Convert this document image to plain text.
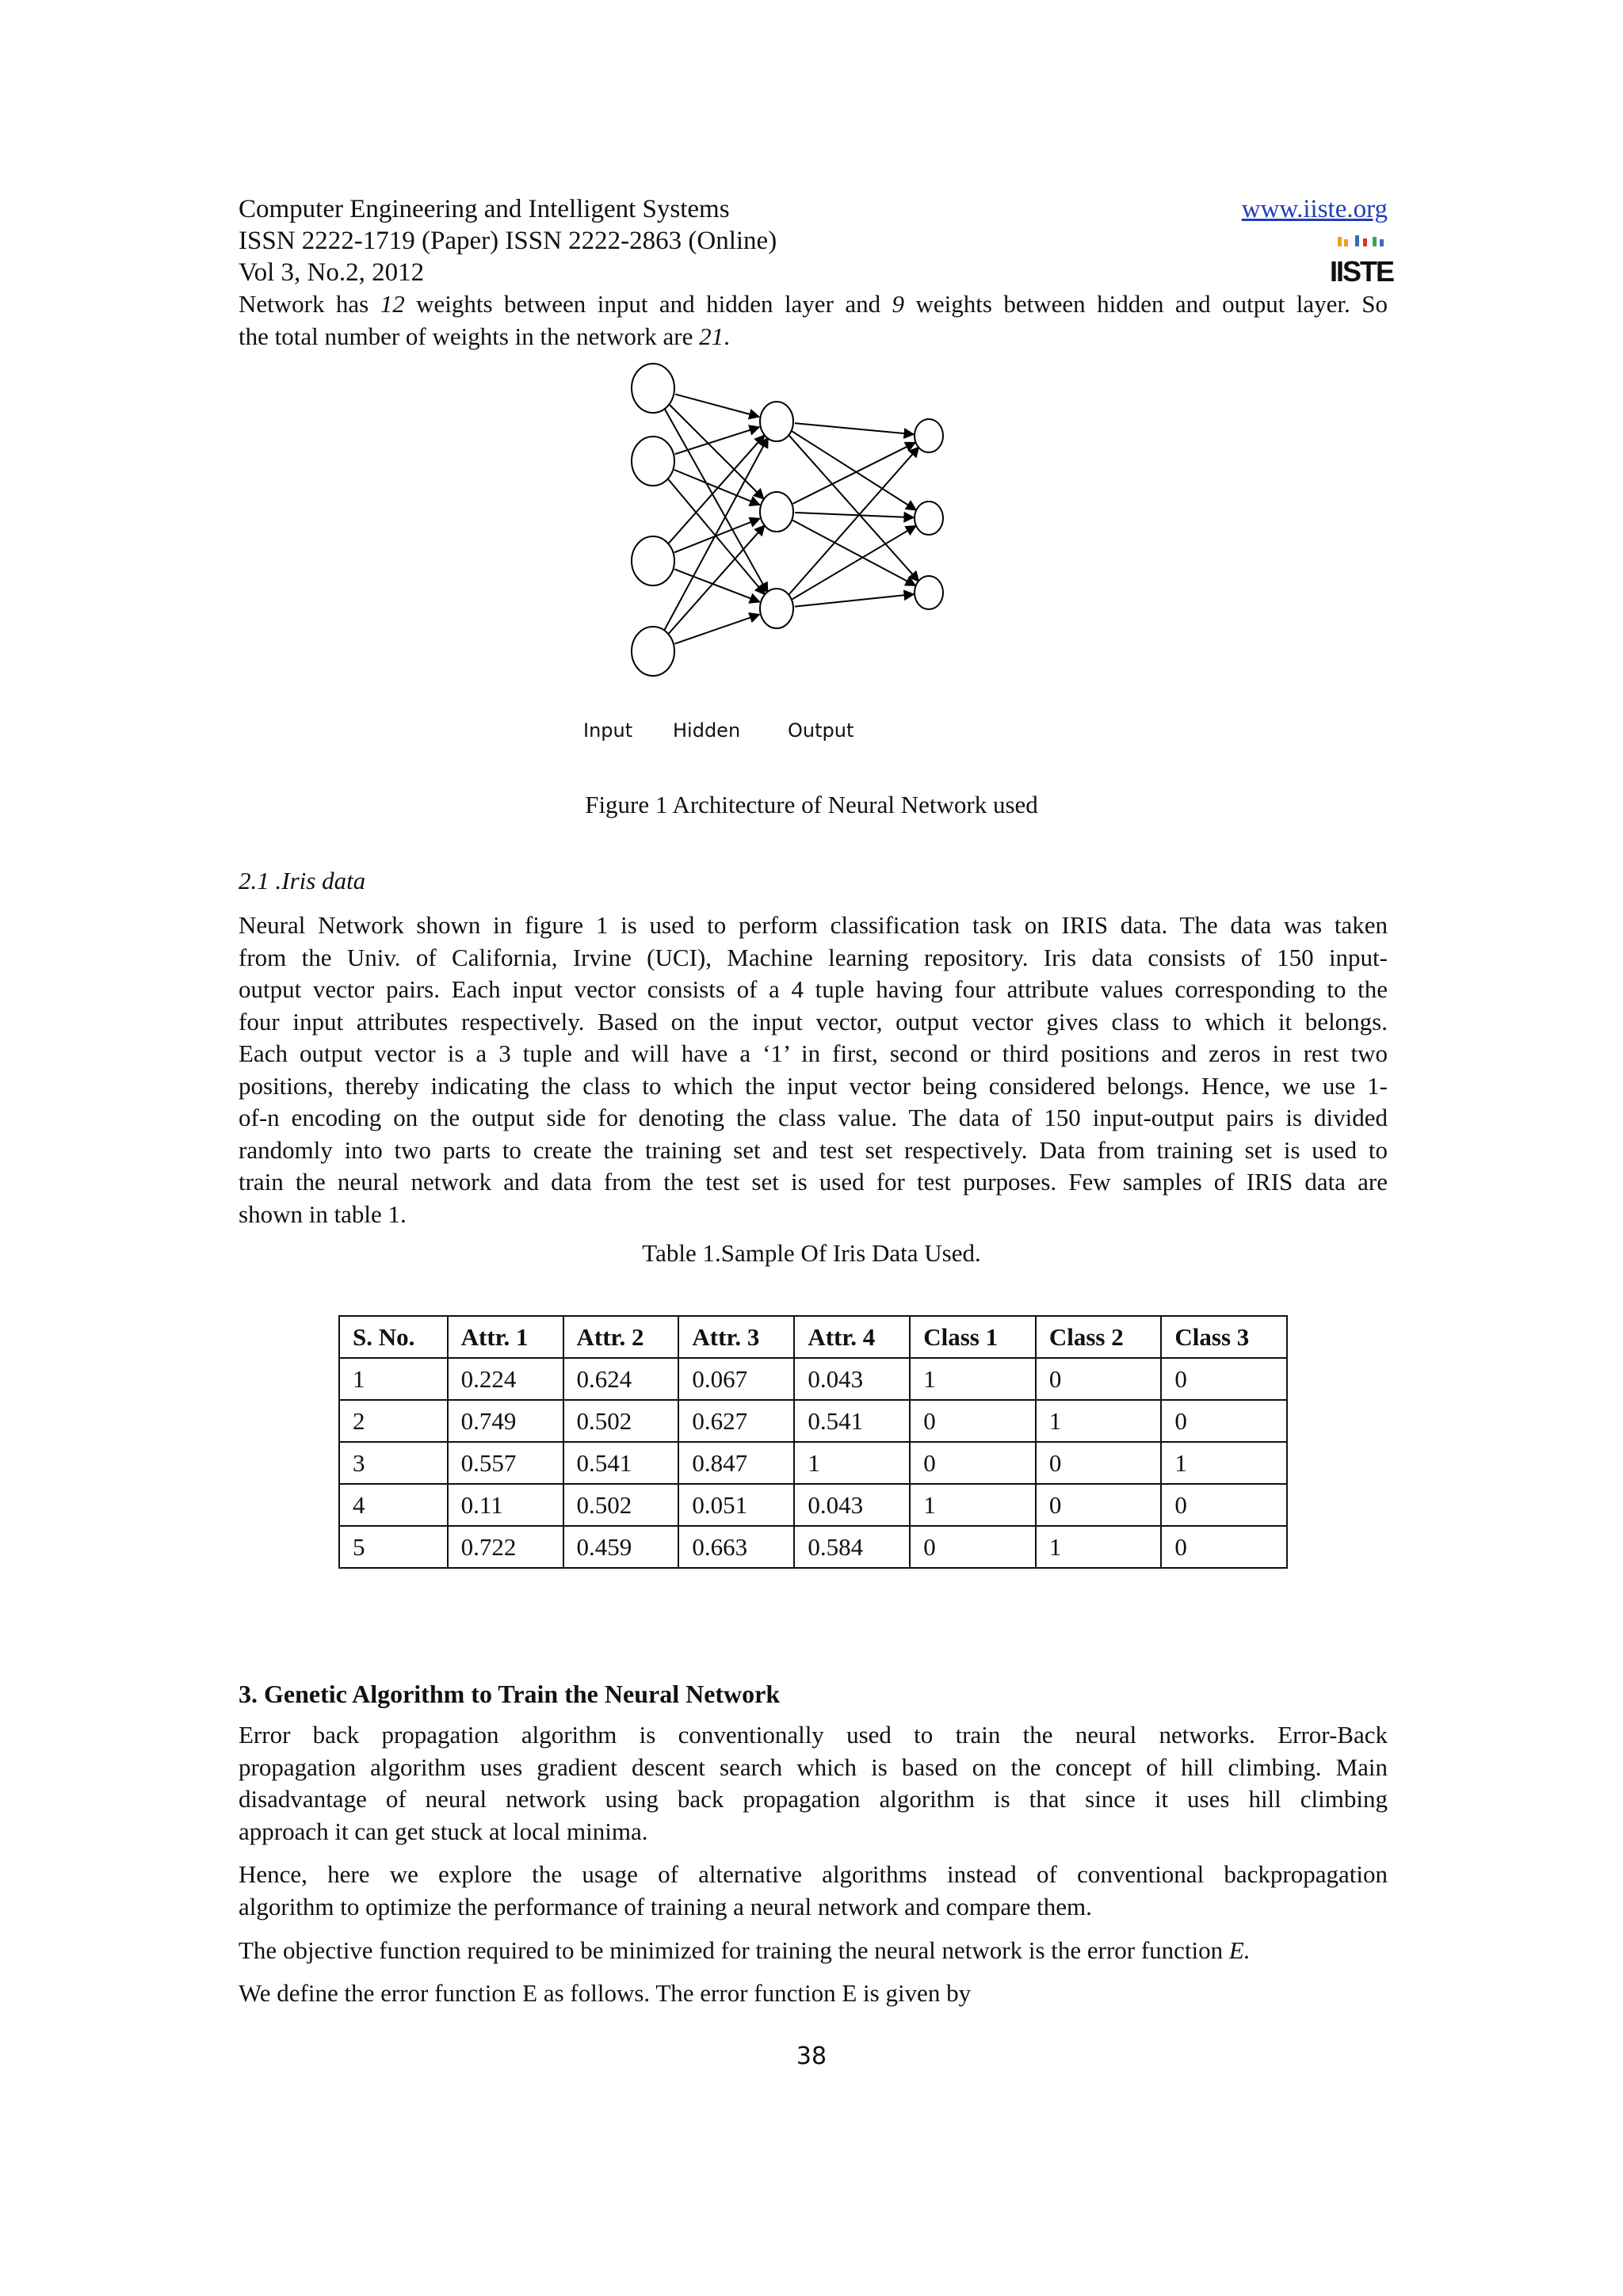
Computer Engineering and Intelligent Systems	www.iiste.org
ISSN 2222-1719 (Paper) ISSN 2222-2863 (Online)
Vol 3, No.2, 2012	IISTE
Network has 12 weights between input and hidden layer and 9 weights between hidden and output layer. So
the total number of weights in the network are 21.
Input Hidden Output
Figure 1 Architecture of Neural Network used
2.1 .Iris data
Neural Network shown in figure 1 is used to perform classification task on IRIS data. The data was taken
from the Univ. of California, Irvine (UCI), Machine learning repository. Iris data consists of 150 input-
output vector pairs. Each input vector consists of a 4 tuple having four attribute values corresponding to the
four input attributes respectively. Based on the input vector, output vector gives class to which it belongs.
Each output vector is a 3 tuple and will have a ‘1’ in first, second or third positions and zeros in rest two
positions, thereby indicating the class to which the input vector being considered belongs. Hence, we use 1-
of-n encoding on the output side for denoting the class value. The data of 150 input-output pairs is divided
randomly into two parts to create the training set and test set respectively. Data from training set is used to
train the neural network and data from the test set is used for test purposes. Few samples of IRIS data are
shown in table 1.
Table 1.Sample Of Iris Data Used.
S. No.	Attr. 1	Attr. 2	Attr. 3	Attr. 4	Class 1	Class 2	Class 3
1	0.224	0.624	0.067	0.043	1	0	0
2	0.749	0.502	0.627	0.541	0	1	0
3	0.557	0.541	0.847	1	0	0	1
4	0.11	0.502	0.051	0.043	1	0	0
5	0.722	0.459	0.663	0.584	0	1	0
3. Genetic Algorithm to Train the Neural Network
Error back propagation algorithm is conventionally used to train the neural networks. Error-Back
propagation algorithm uses gradient descent search which is based on the concept of hill climbing. Main
disadvantage of neural network using back propagation algorithm is that since it uses hill climbing
approach it can get stuck at local minima.
Hence, here we explore the usage of alternative algorithms instead of conventional backpropagation
algorithm to optimize the performance of training a neural network and compare them.
The objective function required to be minimized for training the neural network is the error function E.
We define the error function E as follows. The error function E is given by
38
